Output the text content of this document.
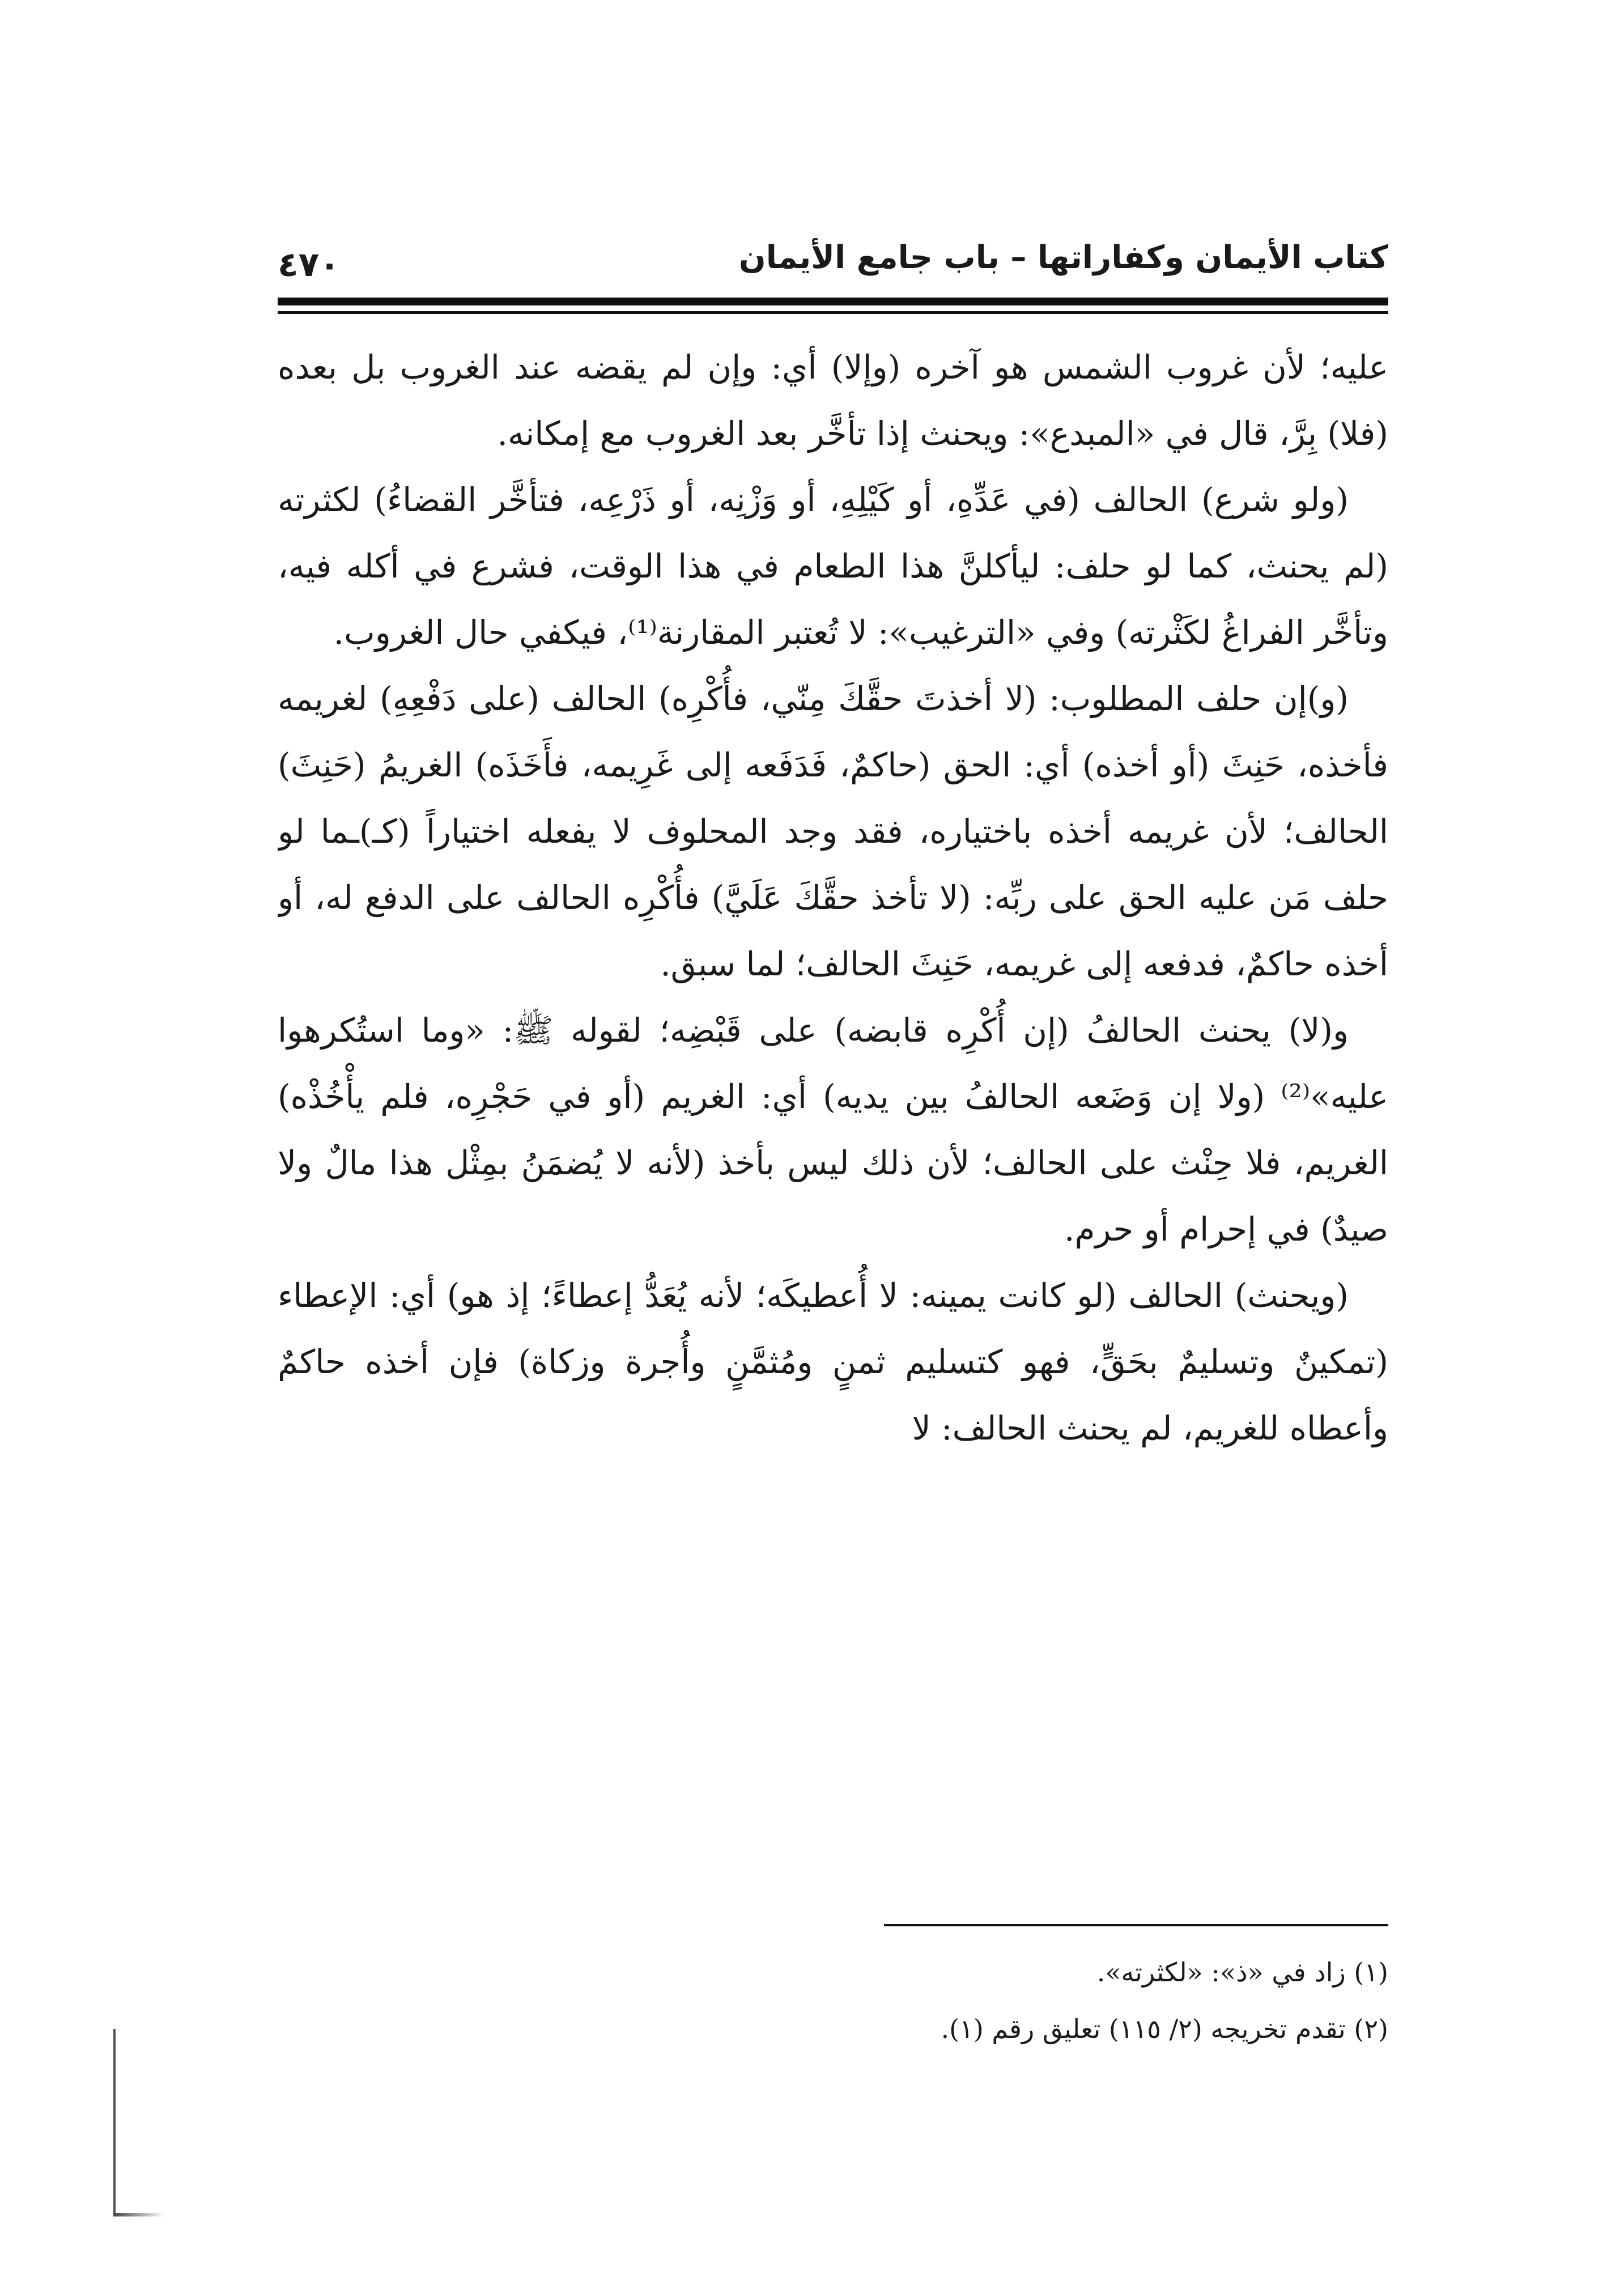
كتاب الأيمان وكفاراتها – باب جامع الأيمان
٤٧٠

عليه؛ لأن غروب الشمس هو آخره (وإلا) أي: وإن لم يقضه عند الغروب بل بعده (فلا) بِرَّ، قال في «المبدع»: ويحنث إذا تأخَّر بعد الغروب مع إمكانه.

(ولو شرع) الحالف (في عَدِّهِ، أو كَيْلِهِ، أو وَزْنِه، أو ذَرْعِه، فتأخَّر القضاءُ) لكثرته (لم يحنث، كما لو حلف: ليأكلنَّ هذا الطعام في هذا الوقت، فشرع في أكله فيه، وتأخَّر الفراغُ لكَثْرته) وفي «الترغيب»: لا تُعتبر المقارنة⁽¹⁾، فيكفي حال الغروب.

(و)إن حلف المطلوب: (لا أخذتَ حقَّكَ مِنّي، فأُكْرِه) الحالف (على دَفْعِهِ) لغريمه فأخذه، حَنِثَ (أو أخذه) أي: الحق (حاكمٌ، فَدَفَعه إلى غَرِيمه، فأَخَذَه) الغريمُ (حَنِثَ) الحالف؛ لأن غريمه أخذه باختياره، فقد وجد المحلوف لا يفعله اختياراً (كـ)ـما لو حلف مَن عليه الحق على ربِّه: (لا تأخذ حقَّكَ عَلَيَّ) فأُكْرِه الحالف على الدفع له، أو أخذه حاكمٌ، فدفعه إلى غريمه، حَنِثَ الحالف؛ لما سبق.

و(لا) يحنث الحالفُ (إن أُكْرِه قابضه) على قَبْضِه؛ لقوله ﷺ: «وما استُكرهوا عليه»⁽²⁾ (ولا إن وَضَعه الحالفُ بين يديه) أي: الغريم (أو في حَجْرِه، فلم يأْخُذْه) الغريم، فلا حِنْث على الحالف؛ لأن ذلك ليس بأخذ (لأنه لا يُضمَنُ بمِثْل هذا مالٌ ولا صيدٌ) في إحرام أو حرم.

(ويحنث) الحالف (لو كانت يمينه: لا أُعطيكَه؛ لأنه يُعَدُّ إعطاءً؛ إذ هو) أي: الإعطاء (تمكينٌ وتسليمٌ بحَقٍّ، فهو كتسليم ثمنٍ ومُثمَّنٍ وأُجرة وزكاة) فإن أخذه حاكمٌ وأعطاه للغريم، لم يحنث الحالف: لا

(١) زاد في «ذ»: «لكثرته».

(٢) تقدم تخريجه (٢/ ١١٥) تعليق رقم (١).
